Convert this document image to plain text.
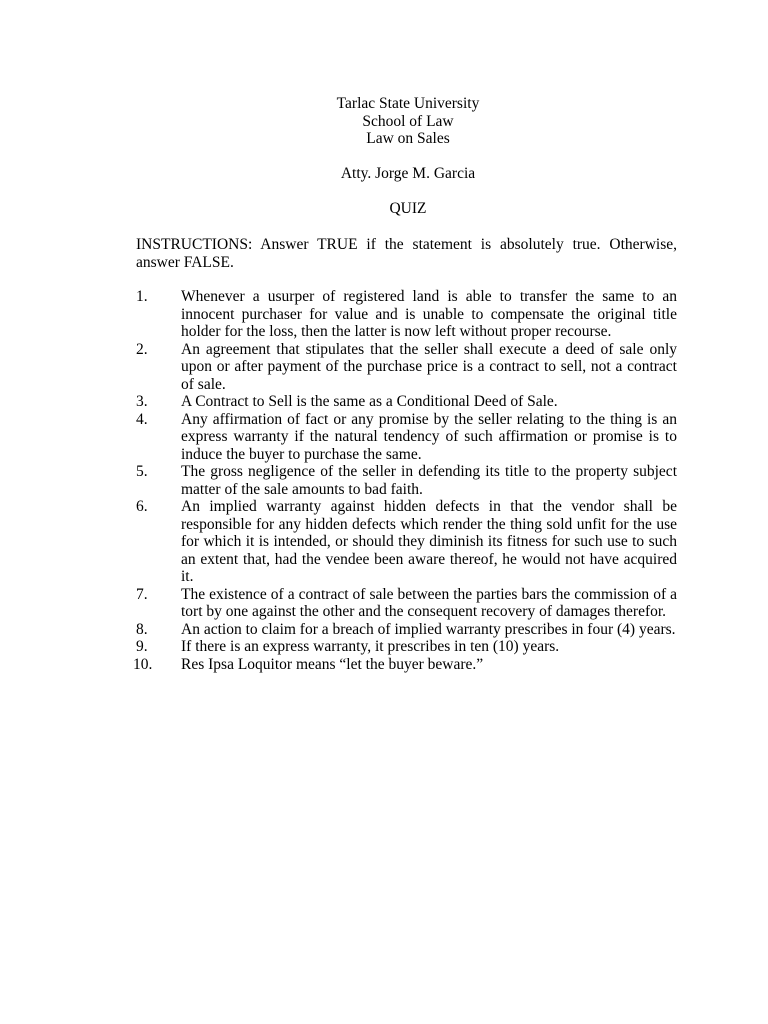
Tarlac State University
School of Law
Law on Sales
Atty. Jorge M. Garcia
QUIZ
INSTRUCTIONS: Answer TRUE if the statement is absolutely true. Otherwise, answer FALSE.
1.	Whenever a usurper of registered land is able to transfer the same to an innocent purchaser for value and is unable to compensate the original title holder for the loss, then the latter is now left without proper recourse.
2.	An agreement that stipulates that the seller shall execute a deed of sale only upon or after payment of the purchase price is a contract to sell, not a contract of sale.
3.	A Contract to Sell is the same as a Conditional Deed of Sale.
4.	Any affirmation of fact or any promise by the seller relating to the thing is an express warranty if the natural tendency of such affirmation or promise is to induce the buyer to purchase the same.
5.	The gross negligence of the seller in defending its title to the property subject matter of the sale amounts to bad faith.
6.	An implied warranty against hidden defects in that the vendor shall be responsible for any hidden defects which render the thing sold unfit for the use for which it is intended, or should they diminish its fitness for such use to such an extent that, had the vendee been aware thereof, he would not have acquired it.
7.	The existence of a contract of sale between the parties bars the commission of a tort by one against the other and the consequent recovery of damages therefor.
8.	An action to claim for a breach of implied warranty prescribes in four (4) years.
9.	If there is an express warranty, it prescribes in ten (10) years.
10.	Res Ipsa Loquitor means “let the buyer beware.”
